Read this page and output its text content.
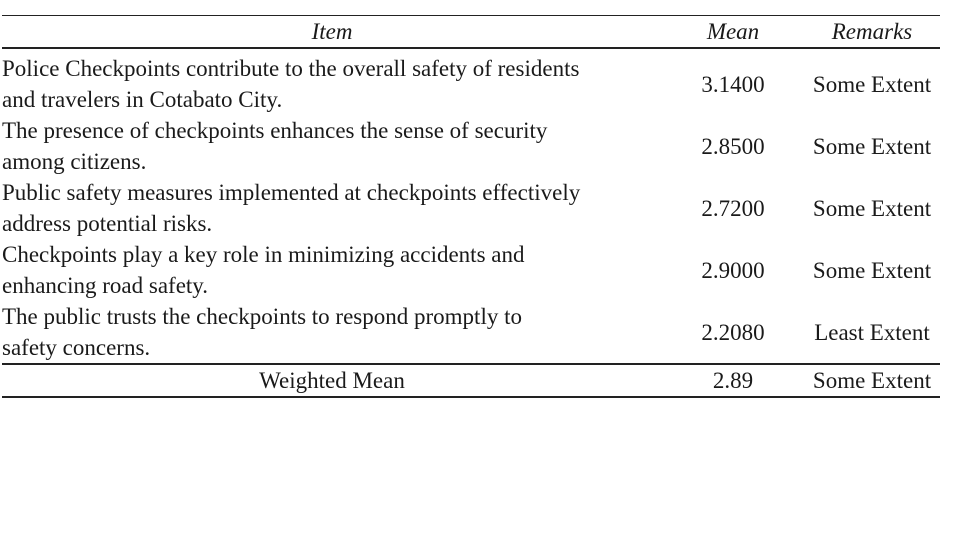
Item	Mean	Remarks
Police Checkpoints contribute to the overall safety of residents and travelers in Cotabato City.	3.1400	Some Extent
The presence of checkpoints enhances the sense of security among citizens.	2.8500	Some Extent
Public safety measures implemented at checkpoints effectively address potential risks.	2.7200	Some Extent
Checkpoints play a key role in minimizing accidents and enhancing road safety.	2.9000	Some Extent
The public trusts the checkpoints to respond promptly to safety concerns.	2.2080	Least Extent
Weighted Mean	2.89	Some Extent
